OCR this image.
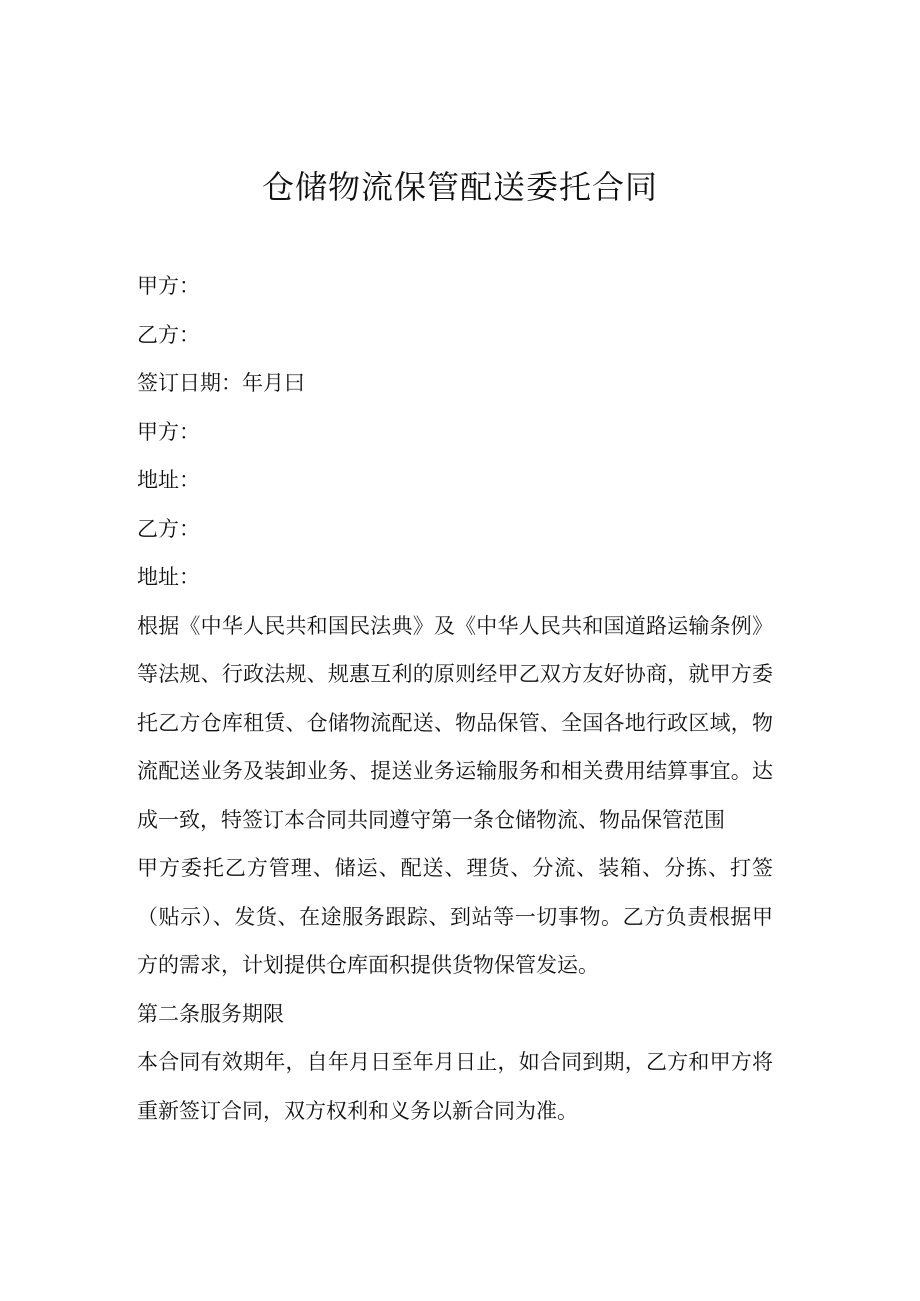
仓储物流保管配送委托合同

甲方：

乙方：

签订日期：年月曰

甲方：

地址：

乙方：

地址：

根据《中华人民共和国民法典》及《中华人民共和国道路运输条例》等法规、行政法规、规惠互利的原则经甲乙双方友好协商，就甲方委托乙方仓库租赁、仓储物流配送、物品保管、全国各地行政区域，物流配送业务及装卸业务、提送业务运输服务和相关费用结算事宜。达成一致，特签订本合同共同遵守第一条仓储物流、物品保管范围

甲方委托乙方管理、储运、配送、理货、分流、装箱、分拣、打签（贴示）、发货、在途服务跟踪、到站等一切事物。乙方负责根据甲方的需求，计划提供仓库面积提供货物保管发运。

第二条服务期限

本合同有效期年，自年月日至年月日止，如合同到期，乙方和甲方将重新签订合同，双方权利和义务以新合同为准。
